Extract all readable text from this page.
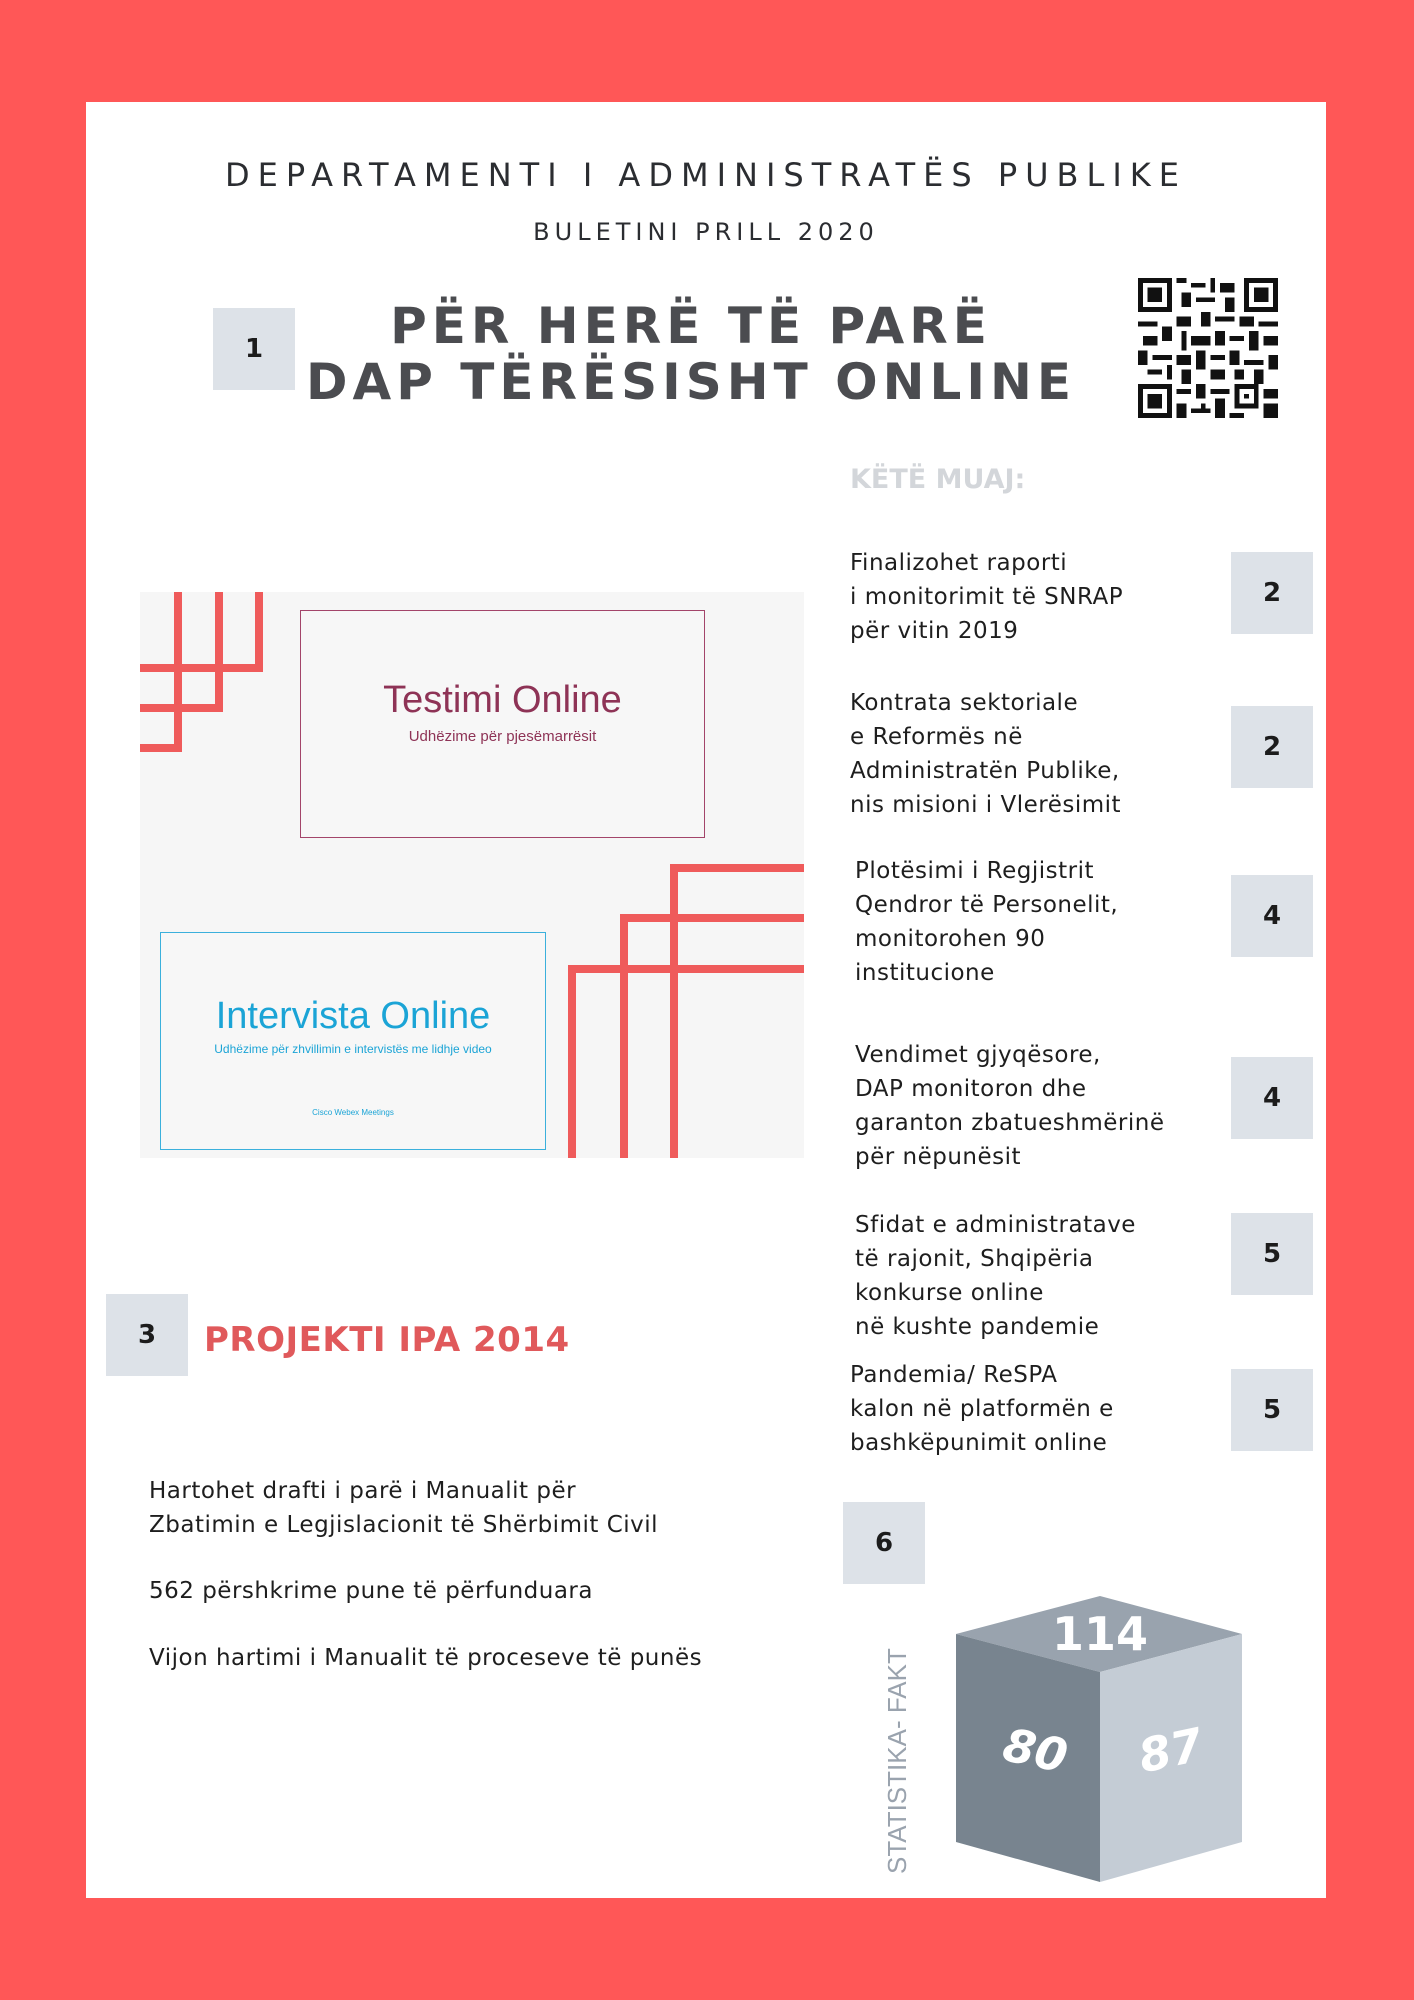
DEPARTAMENTI I ADMINISTRATËS PUBLIKE
BULETINI PRILL 2020
1	PËR HERË TË PARË
DAP TËRËSISHT ONLINE
KËTË MUAJ:
Finalizohet raporti
i monitorimit të SNRAP
për vitin 2019
2
Kontrata sektoriale
e Reformës në
Administratën Publike,
nis misioni i Vlerësimit
2
Plotësimi i Regjistrit
Qendror të Personelit,
monitorohen 90
institucione
4
Vendimet gjyqësore,
DAP monitoron dhe
garanton zbatueshmërinë
për nëpunësit
4
Sfidat e administratave
të rajonit, Shqipëria
konkurse online
në kushte pandemie
5
Pandemia/ ReSPA
kalon në platformën e
bashkëpunimit online
5
Testimi Online
Udhëzime për pjesëmarrësit
Intervista Online
Udhëzime për zhvillimin e intervistës me lidhje video
Cisco Webex Meetings
3	PROJEKTI IPA 2014
Hartohet drafti i parë i Manualit për
Zbatimin e Legjislacionit të Shërbimit Civil
562 përshkrime pune të përfunduara
Vijon hartimi i Manualit të proceseve të punës
6
STATISTIKA- FAKT
114
80 87
